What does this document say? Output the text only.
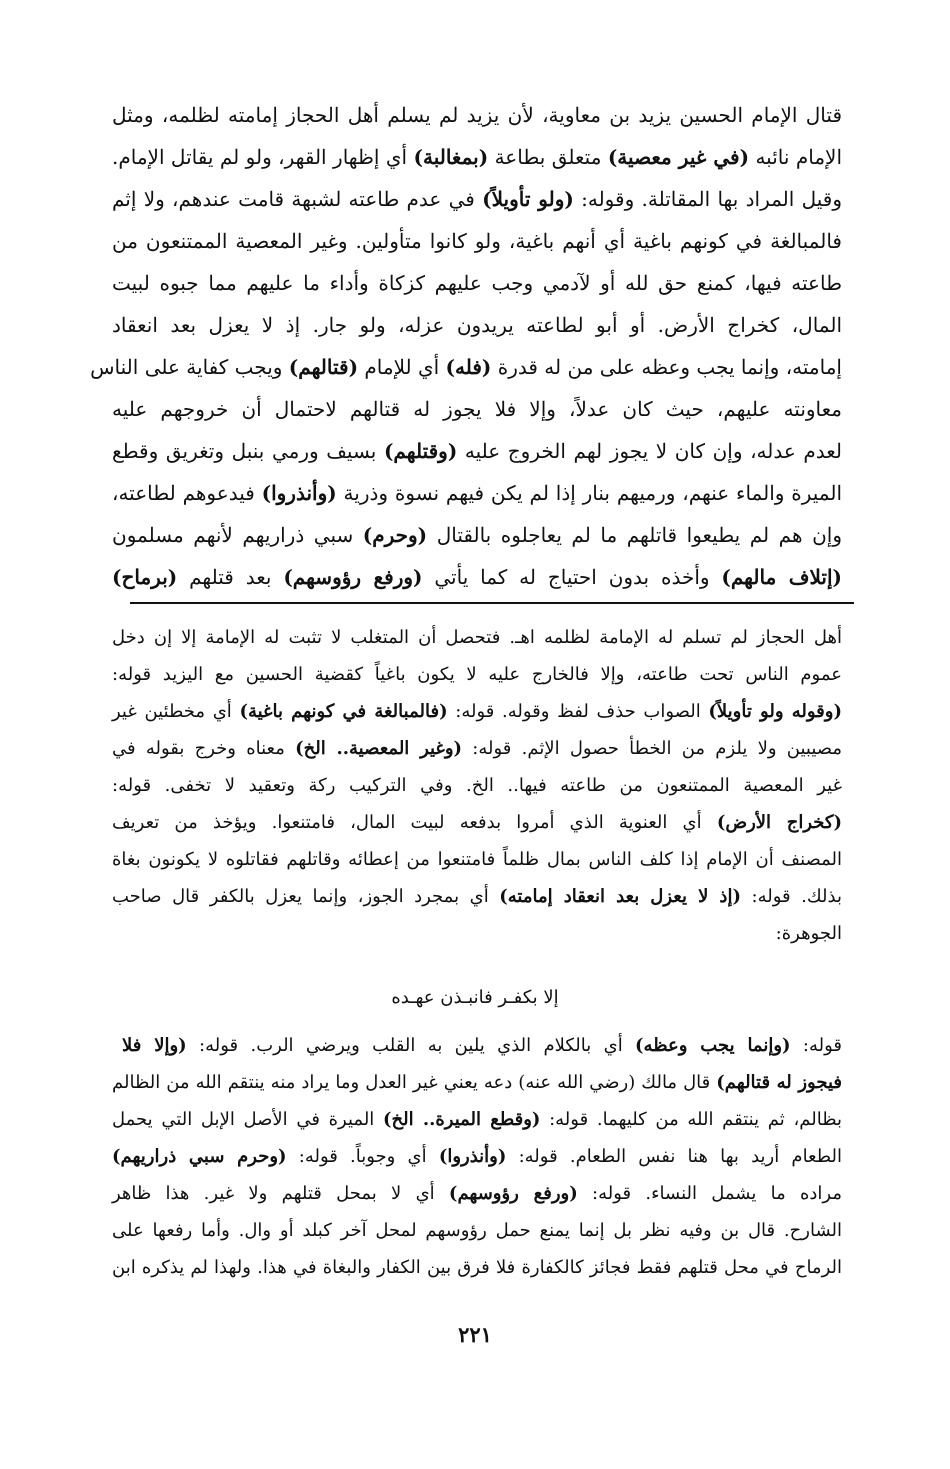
قتال الإمام الحسين يزيد بن معاوية، لأن يزيد لم يسلم أهل الحجاز إمامته لظلمه، ومثل
الإمام نائبه (في غير معصية) متعلق بطاعة (بمغالبة) أي إظهار القهر، ولو لم يقاتل الإمام.
وقيل المراد بها المقاتلة. وقوله: (ولو تأويلاً) في عدم طاعته لشبهة قامت عندهم، ولا إثم
فالمبالغة في كونهم باغية أي أنهم باغية، ولو كانوا متأولين. وغير المعصية الممتنعون من
طاعته فيها، كمنع حق لله أو لآدمي وجب عليهم كزكاة وأداء ما عليهم مما جبوه لبيت
المال، كخراج الأرض. أو أبو لطاعته يريدون عزله، ولو جار. إذ لا يعزل بعد انعقاد
إمامته، وإنما يجب وعظه على من له قدرة (فله) أي للإمام (قتالهم) ويجب كفاية على الناس
معاونته عليهم، حيث كان عدلاً، وإلا فلا يجوز له قتالهم لاحتمال أن خروجهم عليه
لعدم عدله، وإن كان لا يجوز لهم الخروج عليه (وقتلهم) بسيف ورمي بنبل وتغريق وقطع
الميرة والماء عنهم، ورميهم بنار إذا لم يكن فيهم نسوة وذرية (وأنذروا) فيدعوهم لطاعته،
وإن هم لم يطيعوا قاتلهم ما لم يعاجلوه بالقتال (وحرم) سبي ذراريهم لأنهم مسلمون
(إتلاف مالهم) وأخذه بدون احتياج له كما يأتي (ورفع رؤوسهم) بعد قتلهم (برماح)
أهل الحجاز لم تسلم له الإمامة لظلمه اهـ. فتحصل أن المتغلب لا تثبت له الإمامة إلا إن دخل
عموم الناس تحت طاعته، وإلا فالخارج عليه لا يكون باغياً كقضية الحسين مع اليزيد قوله:
(وقوله ولو تأويلاً) الصواب حذف لفظ وقوله. قوله: (فالمبالغة في كونهم باغية) أي مخطئين غير
مصيبين ولا يلزم من الخطأ حصول الإثم. قوله: (وغير المعصية.. الخ) معناه وخرج بقوله في
غير المعصية الممتنعون من طاعته فيها.. الخ. وفي التركيب ركة وتعقيد لا تخفى. قوله:
(كخراج الأرض) أي العنوية الذي أمروا بدفعه لبيت المال، فامتنعوا. ويؤخذ من تعريف
المصنف أن الإمام إذا كلف الناس بمال ظلماً فامتنعوا من إعطائه وقاتلهم فقاتلوه لا يكونون بغاة
بذلك. قوله: (إذ لا يعزل بعد انعقاد إمامته) أي بمجرد الجوز، وإنما يعزل بالكفر قال صاحب
الجوهرة:
إلا بكفـر فانبـذن عهـده
قوله: (وإنما يجب وعظه) أي بالكلام الذي يلين به القلب ويرضي الرب. قوله: (وإلا فلا
فيجوز له قتالهم) قال مالك (رضي الله عنه) دعه يعني غير العدل وما يراد منه ينتقم الله من الظالم
بظالم، ثم ينتقم الله من كليهما. قوله: (وقطع الميرة.. الخ) الميرة في الأصل الإبل التي يحمل
الطعام أريد بها هنا نفس الطعام. قوله: (وأنذروا) أي وجوباً. قوله: (وحرم سبي ذراريهم)
مراده ما يشمل النساء. قوله: (ورفع رؤوسهم) أي لا بمحل قتلهم ولا غير. هذا ظاهر
الشارح. قال بن وفيه نظر بل إنما يمنع حمل رؤوسهم لمحل آخر كبلد أو وال. وأما رفعها على
الرماح في محل قتلهم فقط فجائز كالكفارة فلا فرق بين الكفار والبغاة في هذا. ولهذا لم يذكره ابن
٢٢١
